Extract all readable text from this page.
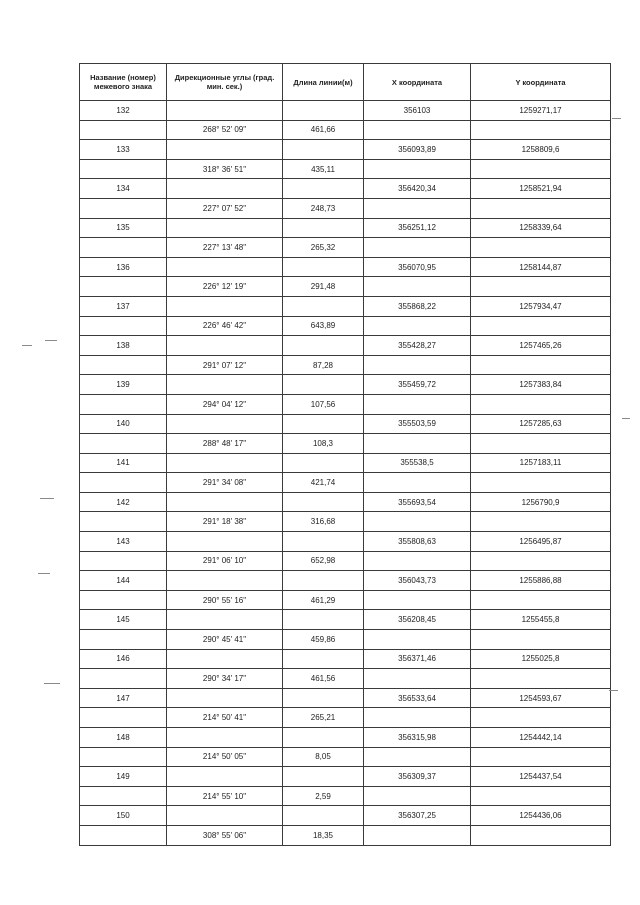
Название (номер) межевого знака	Дирекционные углы (град. мин. сек.)	Длина линии(м)	X координата	Y координата
132			356103	1259271,17
	268° 52' 09"	461,66		
133			356093,89	1258809,6
	318° 36' 51"	435,11		
134			356420,34	1258521,94
	227° 07' 52"	248,73		
135			356251,12	1258339,64
	227° 13' 48"	265,32		
136			356070,95	1258144,87
	226° 12' 19"	291,48		
137			355868,22	1257934,47
	226° 46' 42"	643,89		
138			355428,27	1257465,26
	291° 07' 12"	87,28		
139			355459,72	1257383,84
	294° 04' 12"	107,56		
140			355503,59	1257285,63
	288° 48' 17"	108,3		
141			355538,5	1257183,11
	291° 34' 08"	421,74		
142			355693,54	1256790,9
	291° 18' 38"	316,68		
143			355808,63	1256495,87
	291° 06' 10"	652,98		
144			356043,73	1255886,88
	290° 55' 16"	461,29		
145			356208,45	1255455,8
	290° 45' 41"	459,86		
146			356371,46	1255025,8
	290° 34' 17"	461,56		
147			356533,64	1254593,67
	214° 50' 41"	265,21		
148			356315,98	1254442,14
	214° 50' 05"	8,05		
149			356309,37	1254437,54
	214° 55' 10"	2,59		
150			356307,25	1254436,06
	308° 55' 06"	18,35		
